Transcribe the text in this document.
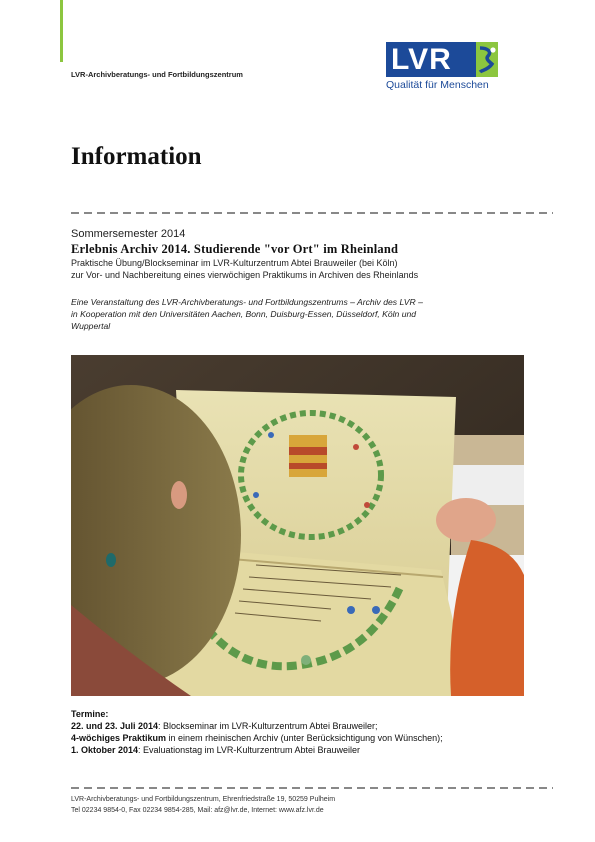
LVR-Archivberatungs- und Fortbildungszentrum	LVR
Qualität für Menschen
Information
Sommersemester 2014
Erlebnis Archiv 2014. Studierende "vor Ort" im Rheinland
Praktische Übung/Blockseminar im LVR-Kulturzentrum Abtei Brauweiler (bei Köln)
zur Vor- und Nachbereitung eines vierwöchigen Praktikums in Archiven des Rheinlands
Eine Veranstaltung des LVR-Archivberatungs- und Fortbildungszentrums – Archiv des LVR –
in Kooperation mit den Universitäten Aachen, Bonn, Duisburg-Essen, Düsseldorf, Köln und
Wuppertal
Termine:
22. und 23. Juli 2014: Blockseminar im LVR-Kulturzentrum Abtei Brauweiler;
4-wöchiges Praktikum in einem rheinischen Archiv (unter Berücksichtigung von Wünschen);
1. Oktober 2014: Evaluationstag im LVR-Kulturzentrum Abtei Brauweiler
LVR-Archivberatungs- und Fortbildungszentrum, Ehrenfriedstraße 19, 50259 Pulheim
Tel 02234 9854-0, Fax 02234 9854-285, Mail: afz@lvr.de, Internet: www.afz.lvr.de
